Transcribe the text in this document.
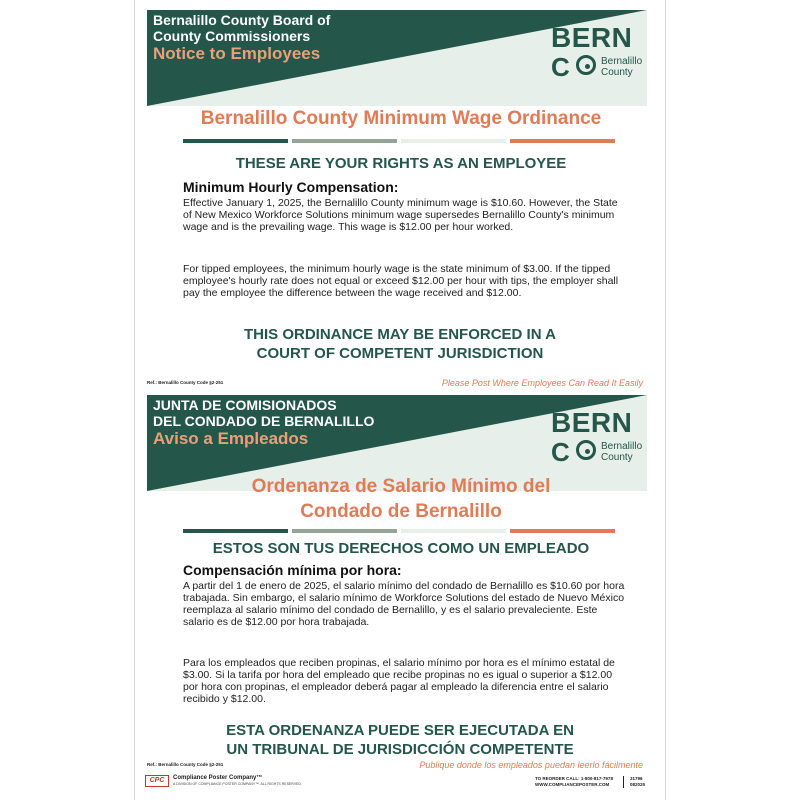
Bernalillo County Board of
County Commissioners
Notice to Employees
BERN
C	Bernalillo
County
Bernalillo County Minimum Wage Ordinance
THESE ARE YOUR RIGHTS AS AN EMPLOYEE
Minimum Hourly Compensation:
Effective January 1, 2025, the Bernalillo County minimum wage is $10.60. However, the State of New Mexico Workforce Solutions minimum wage supersedes Bernalillo County's minimum wage and is the prevailing wage. This wage is $12.00 per hour worked.
For tipped employees, the minimum hourly wage is the state minimum of $3.00. If the tipped employee's hourly rate does not equal or exceed $12.00 per hour with tips, the employer shall pay the employee the difference between the wage received and $12.00.
THIS ORDINANCE MAY BE ENFORCED IN A
COURT OF COMPETENT JURISDICTION
Ref.: Bernalillo County Code §2-251	Please Post Where Employees Can Read It Easily
JUNTA DE COMISIONADOS
DEL CONDADO DE BERNALILLO
Aviso a Empleados
BERN
C	Bernalillo
County
Ordenanza de Salario Mínimo del
Condado de Bernalillo
ESTOS SON TUS DERECHOS COMO UN EMPLEADO
Compensación mínima por hora:
A partir del 1 de enero de 2025, el salario mínimo del condado de Bernalillo es $10.60 por hora trabajada. Sin embargo, el salario mínimo de Workforce Solutions del estado de Nuevo México reemplaza al salario mínimo del condado de Bernalillo, y es el salario prevaleciente. Este salario es de $12.00 por hora trabajada.
Para los empleados que reciben propinas, el salario mínimo por hora es el mínimo estatal de $3.00. Si la tarifa por hora del empleado que recibe propinas no es igual o superior a $12.00 por hora con propinas, el empleador deberá pagar al empleado la diferencia entre el salario recibido y $12.00.
ESTA ORDENANZA PUEDE SER EJECUTADA EN
UN TRIBUNAL DE JURISDICCIÓN COMPETENTE
Ref.: Bernalillo County Code §2-251	Publique donde los empleados puedan leerlo fácilmente
CPC	Compliance Poster Company™
A DIVISION OF COMPLIANCE POSTER COMPANY™. ALL RIGHTS RESERVED.
TO REORDER CALL: 1-800-817-7978
WWW.COMPLIANCEPOSTER.COM
31796
082025
